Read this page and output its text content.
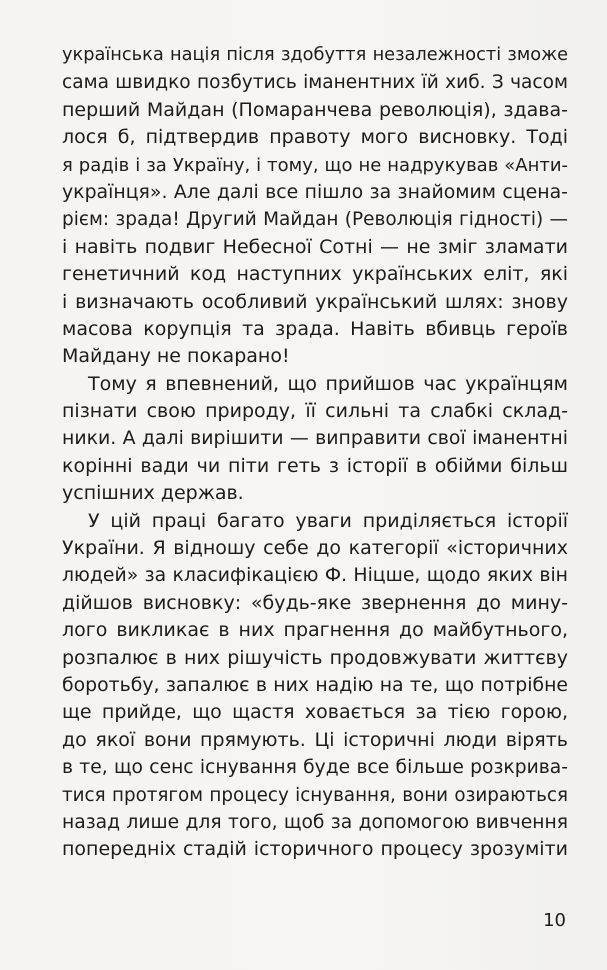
українська нація після здобуття незалежності зможе
сама швидко позбутись іманентних їй хиб. З часом
перший Майдан (Помаранчева революція), здава-
лося б, підтвердив правоту мого висновку. Тоді
я радів і за Україну, і тому, що не надрукував «Анти-
українця». Але далі все пішло за знайомим сцена-
рієм: зрада! Другий Майдан (Революція гідності) —
і навіть подвиг Небесної Сотні — не зміг зламати
генетичний код наступних українських еліт, які
і визначають особливий український шлях: знову
масова корупція та зрада. Навіть вбивць героїв
Майдану не покарано!
Тому я впевнений, що прийшов час українцям
пізнати свою природу, її сильні та слабкі склад-
ники. А далі вирішити — виправити свої іманентні
корінні вади чи піти геть з історії в обійми більш
успішних держав.
У цій праці багато уваги приділяється історії
України. Я відношу себе до категорії «історичних
людей» за класифікацією Ф. Ніцше, щодо яких він
дійшов висновку: «будь-яке звернення до мину-
лого викликає в них прагнення до майбутнього,
розпалює в них рішучість продовжувати життєву
боротьбу, запалює в них надію на те, що потрібне
ще прийде, що щастя ховається за тією горою,
до якої вони прямують. Ці історичні люди вірять
в те, що сенс існування буде все більше розкрива-
тися протягом процесу існування, вони озираються
назад лише для того, щоб за допомогою вивчення
попередніх стадій історичного процесу зрозуміти
10
